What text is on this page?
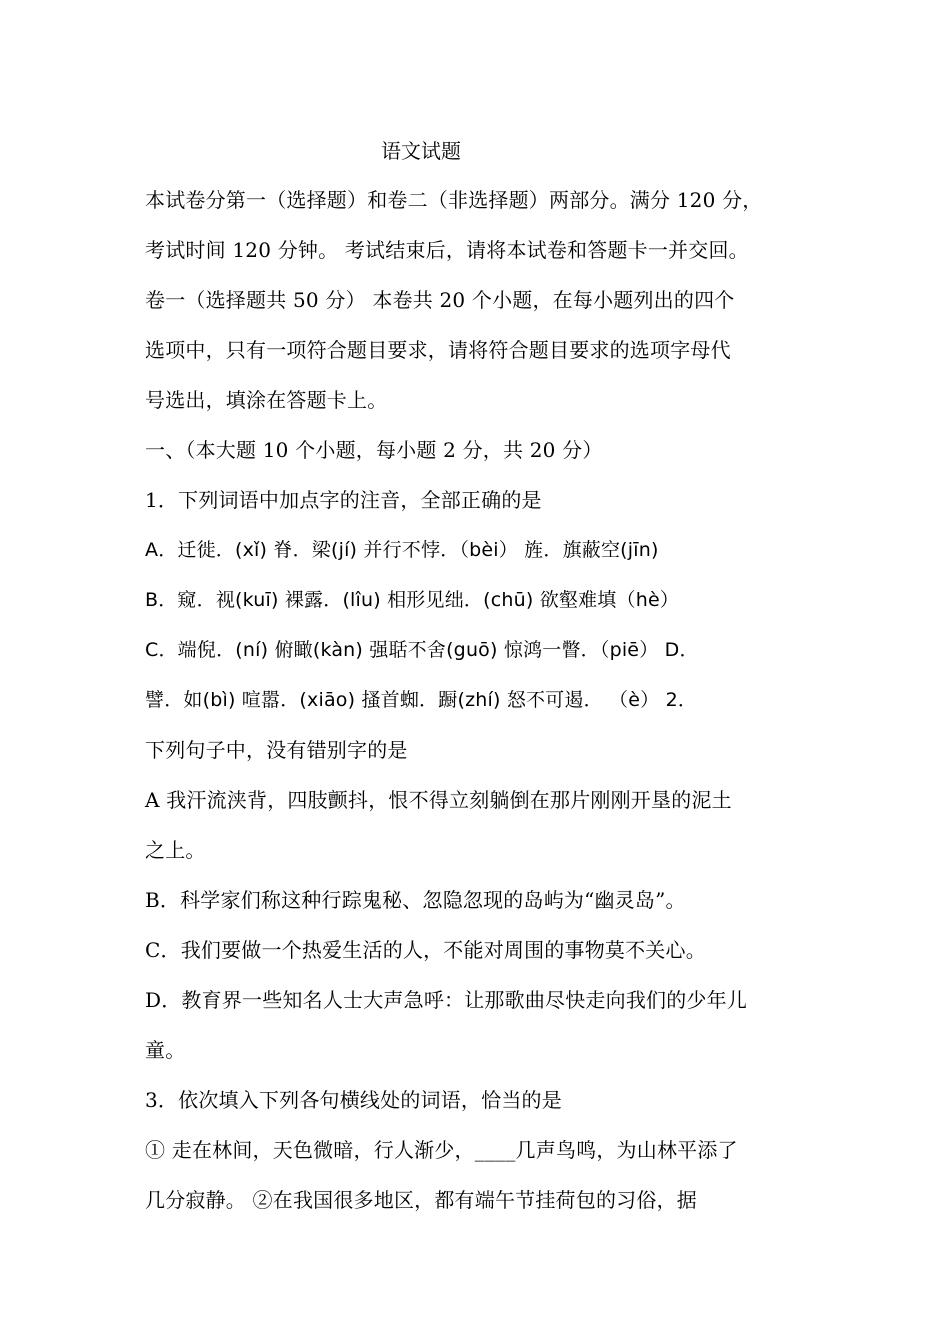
语文试题
本试卷分第一（选择题）和卷二（非选择题）两部分。满分 120 分，
考试时间 120 分钟。 考试结束后，请将本试卷和答题卡一并交回。
卷一（选择题共 50 分） 本卷共 20 个小题，在每小题列出的四个
选项中，只有一项符合题目要求，请将符合题目要求的选项字母代
号选出，填涂在答题卡上。
一、（本大题 10 个小题，每小题 2 分，共 20 分）
1．下列词语中加点字的注音，全部正确的是
A．迁徙．(xǐ) 脊．梁(jí) 并行不悖．（bèi） 旌．旗蔽空(jīn)
B．窥．视(kuī) 裸露．(lîu) 相形见绌．(chū) 欲壑难填（hè）
C．端倪．(ní) 俯瞰(kàn) 强聒不舍(guō) 惊鸿一瞥．（piē） D．
譬．如(bì) 喧嚣．(xiāo) 搔首蜘．蹰(zhí) 怒不可遏． （è） 2．
下列句子中，没有错别字的是
A 我汗流浃背，四肢颤抖，恨不得立刻躺倒在那片刚刚开垦的泥土
之上。
B．科学家们称这种行踪鬼秘、忽隐忽现的岛屿为“幽灵岛”。
C．我们要做一个热爱生活的人，不能对周围的事物莫不关心。
D．教育界一些知名人士大声急呼：让那歌曲尽快走向我们的少年儿
童。
3．依次填入下列各句横线处的词语，恰当的是
① 走在林间，天色微暗，行人渐少，____几声鸟鸣，为山林平添了
几分寂静。 ②在我国很多地区，都有端午节挂荷包的习俗，据
